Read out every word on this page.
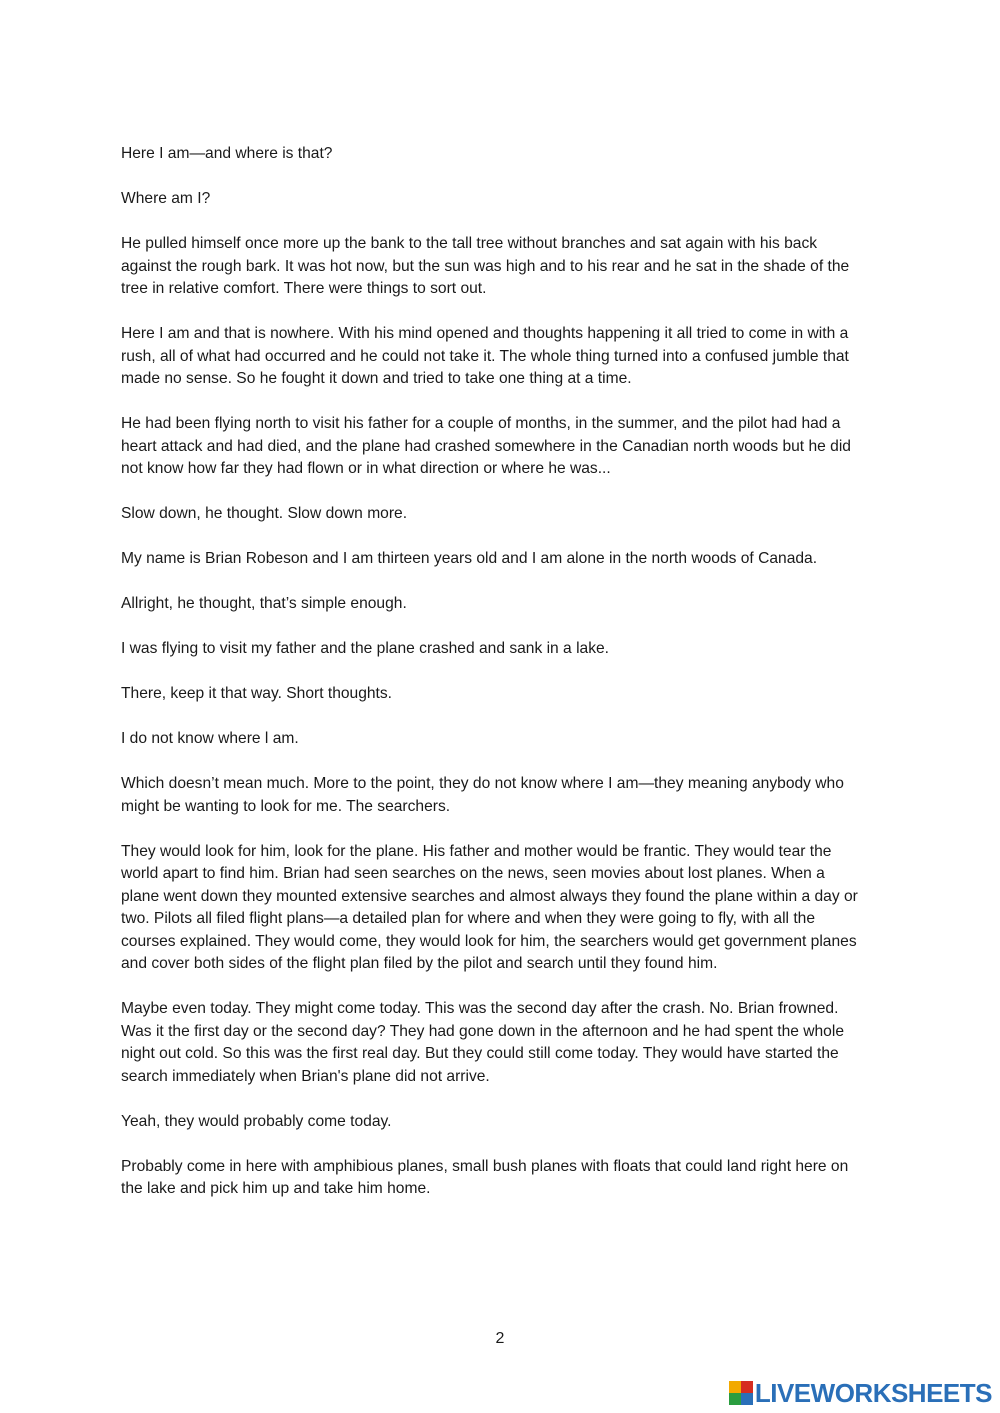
Here I am—and where is that?

Where am I?

He pulled himself once more up the bank to the tall tree without branches and sat again with his back against the rough bark. It was hot now, but the sun was high and to his rear and he sat in the shade of the tree in relative comfort. There were things to sort out.

Here I am and that is nowhere. With his mind opened and thoughts happening it all tried to come in with a rush, all of what had occurred and he could not take it. The whole thing turned into a confused jumble that made no sense. So he fought it down and tried to take one thing at a time.

He had been flying north to visit his father for a couple of months, in the summer, and the pilot had had a heart attack and had died, and the plane had crashed somewhere in the Canadian north woods but he did not know how far they had flown or in what direction or where he was...

Slow down, he thought. Slow down more.

My name is Brian Robeson and I am thirteen years old and I am alone in the north woods of Canada.

Allright, he thought, that’s simple enough.

I was flying to visit my father and the plane crashed and sank in a lake.

There, keep it that way. Short thoughts.

I do not know where l am.

Which doesn’t mean much. More to the point, they do not know where I am—they meaning anybody who might be wanting to look for me. The searchers.

They would look for him, look for the plane. His father and mother would be frantic. They would tear the world apart to find him. Brian had seen searches on the news, seen movies about lost planes. When a plane went down they mounted extensive searches and almost always they found the plane within a day or two. Pilots all filed flight plans—a detailed plan for where and when they were going to fly, with all the courses explained. They would come, they would look for him, the searchers would get government planes and cover both sides of the flight plan filed by the pilot and search until they found him.

Maybe even today. They might come today. This was the second day after the crash. No. Brian frowned. Was it the first day or the second day? They had gone down in the afternoon and he had spent the whole night out cold. So this was the first real day. But they could still come today. They would have started the search immediately when Brian's plane did not arrive.

Yeah, they would probably come today.

Probably come in here with amphibious planes, small bush planes with floats that could land right here on the lake and pick him up and take him home.

2
LIVEWORKSHEETS
